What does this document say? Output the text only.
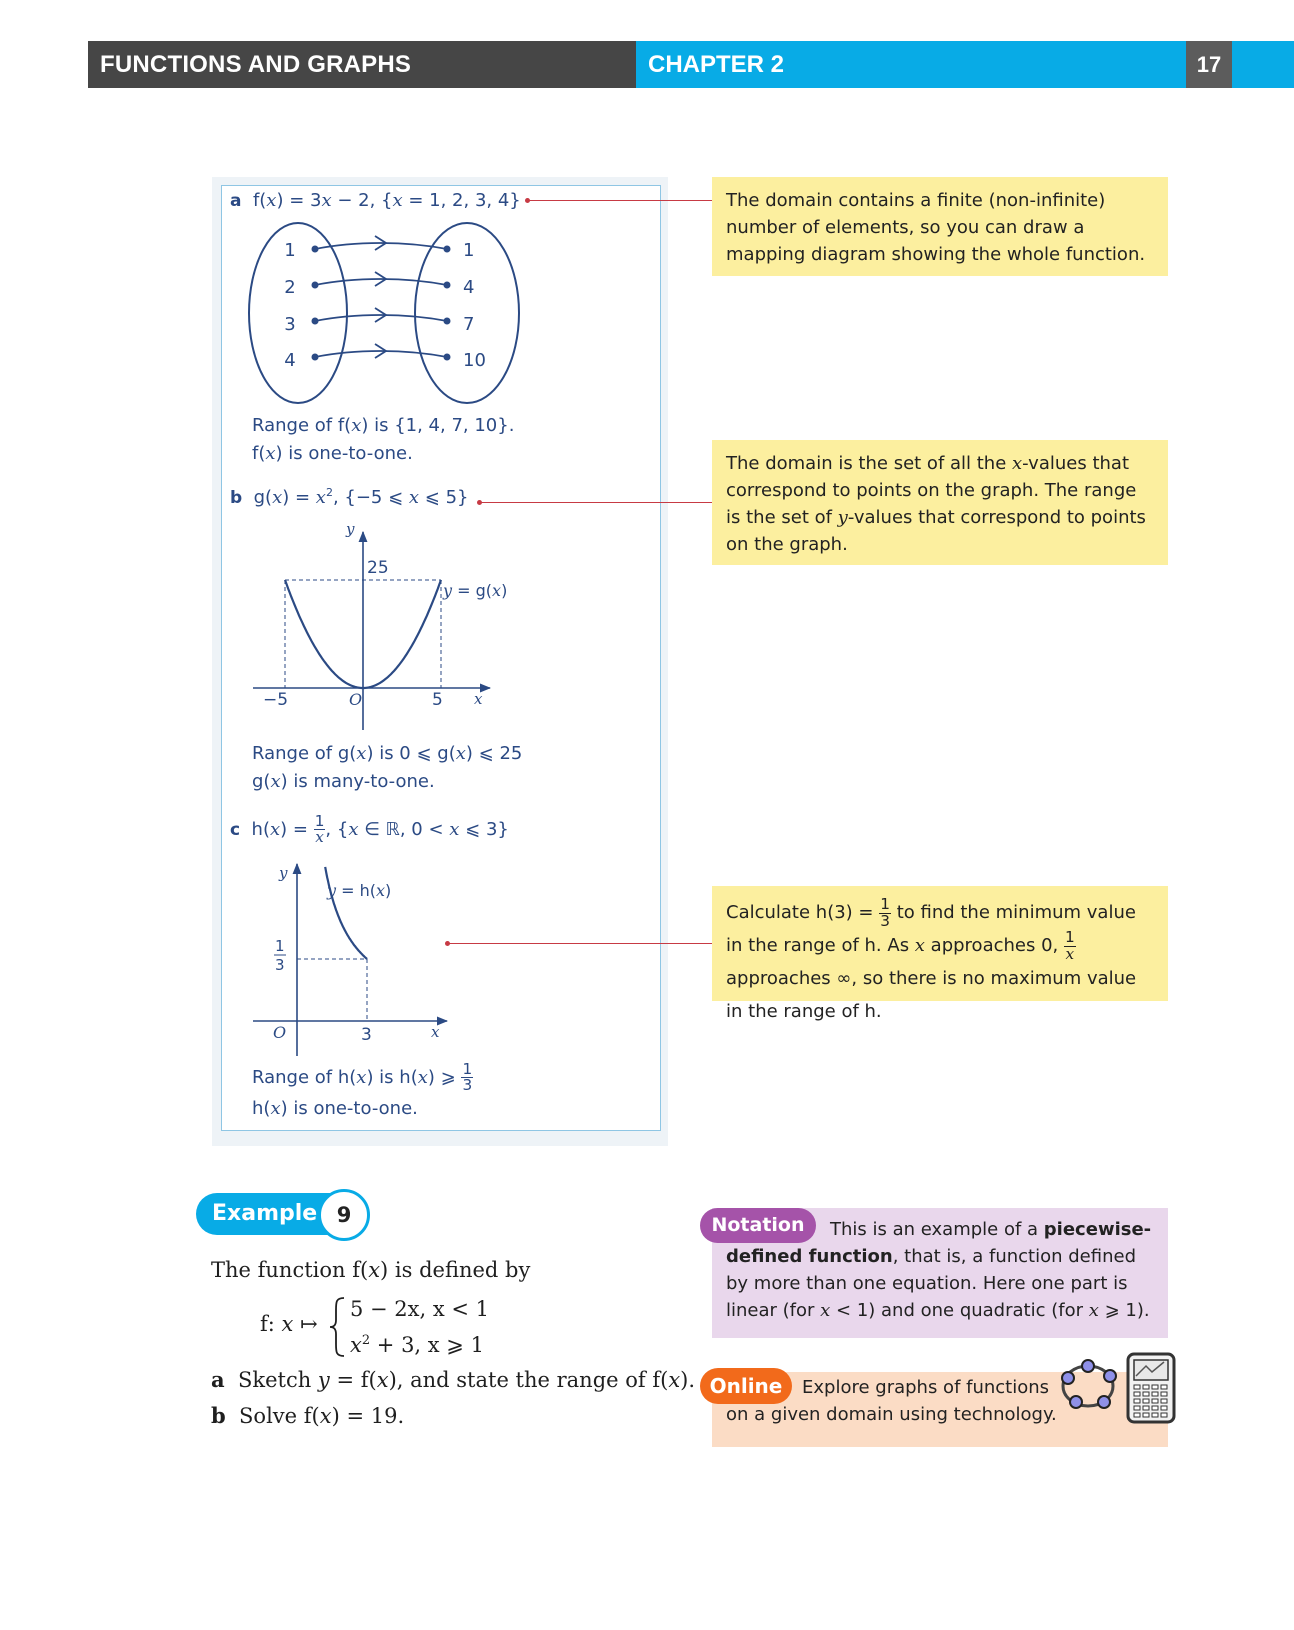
FUNCTIONS AND GRAPHS	CHAPTER 2	17
a f(x) = 3x − 2, {x = 1, 2, 3, 4}
1
2
3
4
1
4
7
10
Range of f(x) is {1, 4, 7, 10}.
f(x) is one-to-one.
b $g(x) = x^2$, {−5 ⩽ x ⩽ 5}
y
x
O
25
−5	5
y = g(x)
Range of g(x) is 0 ⩽ g(x) ⩽ 25
g(x) is many-to-one.
c $h(x) = \frac{1}{x}$ , {x ∈ ℝ, 0 < x ⩽ 3}
y
x
O	3
1
3
y = h(x)
Range of h(x) is h(x) ⩾ $\frac{1}{3}$
h(x) is one-to-one.
The domain contains a finite (non-infinite) number of elements, so you can draw a mapping diagram showing the whole function.
The domain is the set of all the x-values that correspond to points on the graph. The range is the set of y-values that correspond to points on the graph.
Calculate $h(3) = \frac{1}{3}$ to find the minimum value in the range of h. As x approaches 0, $\frac{1}{x}$
approaches ∞, so there is no maximum value in the range of h.
Example 9
The function f(x) is defined by
f: x ↦
5 − 2x, x < 1
$x^2 + 3$, x ⩾ 1
a Sketch y = f(x), and state the range of f(x).
b Solve f(x) = 19.
Notation	This is an example of a piecewise-defined function, that is, a function defined by more than one equation. Here one part is linear (for x < 1) and one quadratic (for x ⩾ 1).
Online	Explore graphs of functions on a given domain using technology.
